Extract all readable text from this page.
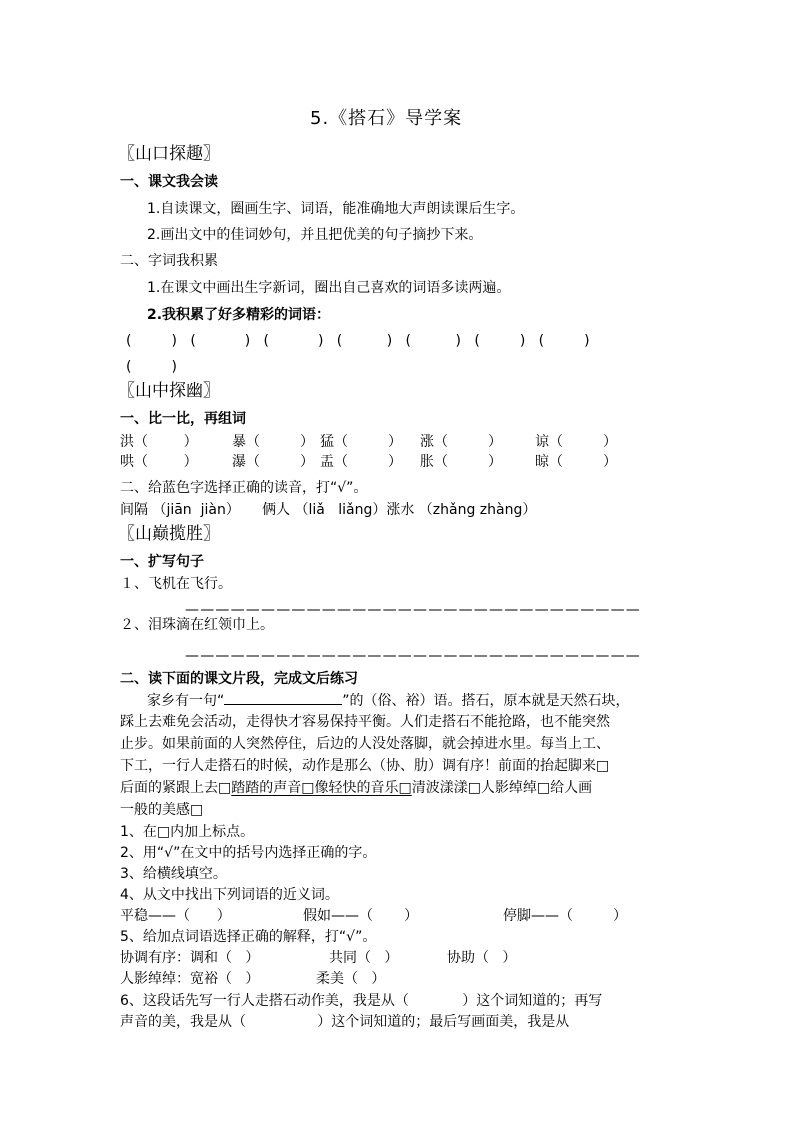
5.《搭石》导学案
〖山口探趣〗
一、课文我会读
1.自读课文，圈画生字、词语，能准确地大声朗读课后生字。
2.画出文中的佳词妙句，并且把优美的句子摘抄下来。
二、字词我积累
1.在课文中画出生字新词，圈出自己喜欢的词语多读两遍。
2.我积累了好多精彩的词语：
(         )   (           )   (           )   (          )   (          )   (         )   (         )
(         )
〖山中探幽〗
一、比一比，再组词
洪（        ） 暴（         ） 猛（         ） 涨（         ） 谅（         ）
哄（        ） 瀑（         ） 盂（         ） 胀（         ） 晾（         ）
二、给蓝色字选择正确的读音，打“√”。
间隔 （jiān  jiàn）     俩人 （liǎ   liǎng）涨水 （zhǎng zhàng）
〖山巅揽胜〗
一、扩写句子
１、飞机在飞行。
——————————————————————————————
２、泪珠滴在红领巾上。
——————————————————————————————
二、读下面的课文片段，完成文后练习
家乡有一句“	”的（俗、裕）语。搭石，原本就是天然石块，
踩上去难免会活动，走得快才容易保持平衡。人们走搭石不能抢路，也不能突然
止步。如果前面的人突然停住，后边的人没处落脚，就会掉进水里。每当上工、
下工，一行人走搭石的时候，动作是那么（协、肋）调有序！前面的抬起脚来□
后面的紧跟上去□踏踏的声音□像轻快的音乐□清波漾漾□人影绰绰□给人画
一般的美感□
1、在□内加上标点。
2、用“√”在文中的括号内选择正确的字。
3、给横线填空。
4、从文中找出下列词语的近义词。
平稳——（      ）	假如——（       ）	停脚——（         ）
5、给加点词语选择正确的解释，打“√”。
协调有序：调和（   ）	共同（   ）	协助（   ）
人影绰绰：宽裕（   ）	柔美（   ）
6、这段话先写一行人走搭石动作美，我是从（            ）这个词知道的；再写
声音的美，我是从（                ）这个词知道的；最后写画面美，我是从
